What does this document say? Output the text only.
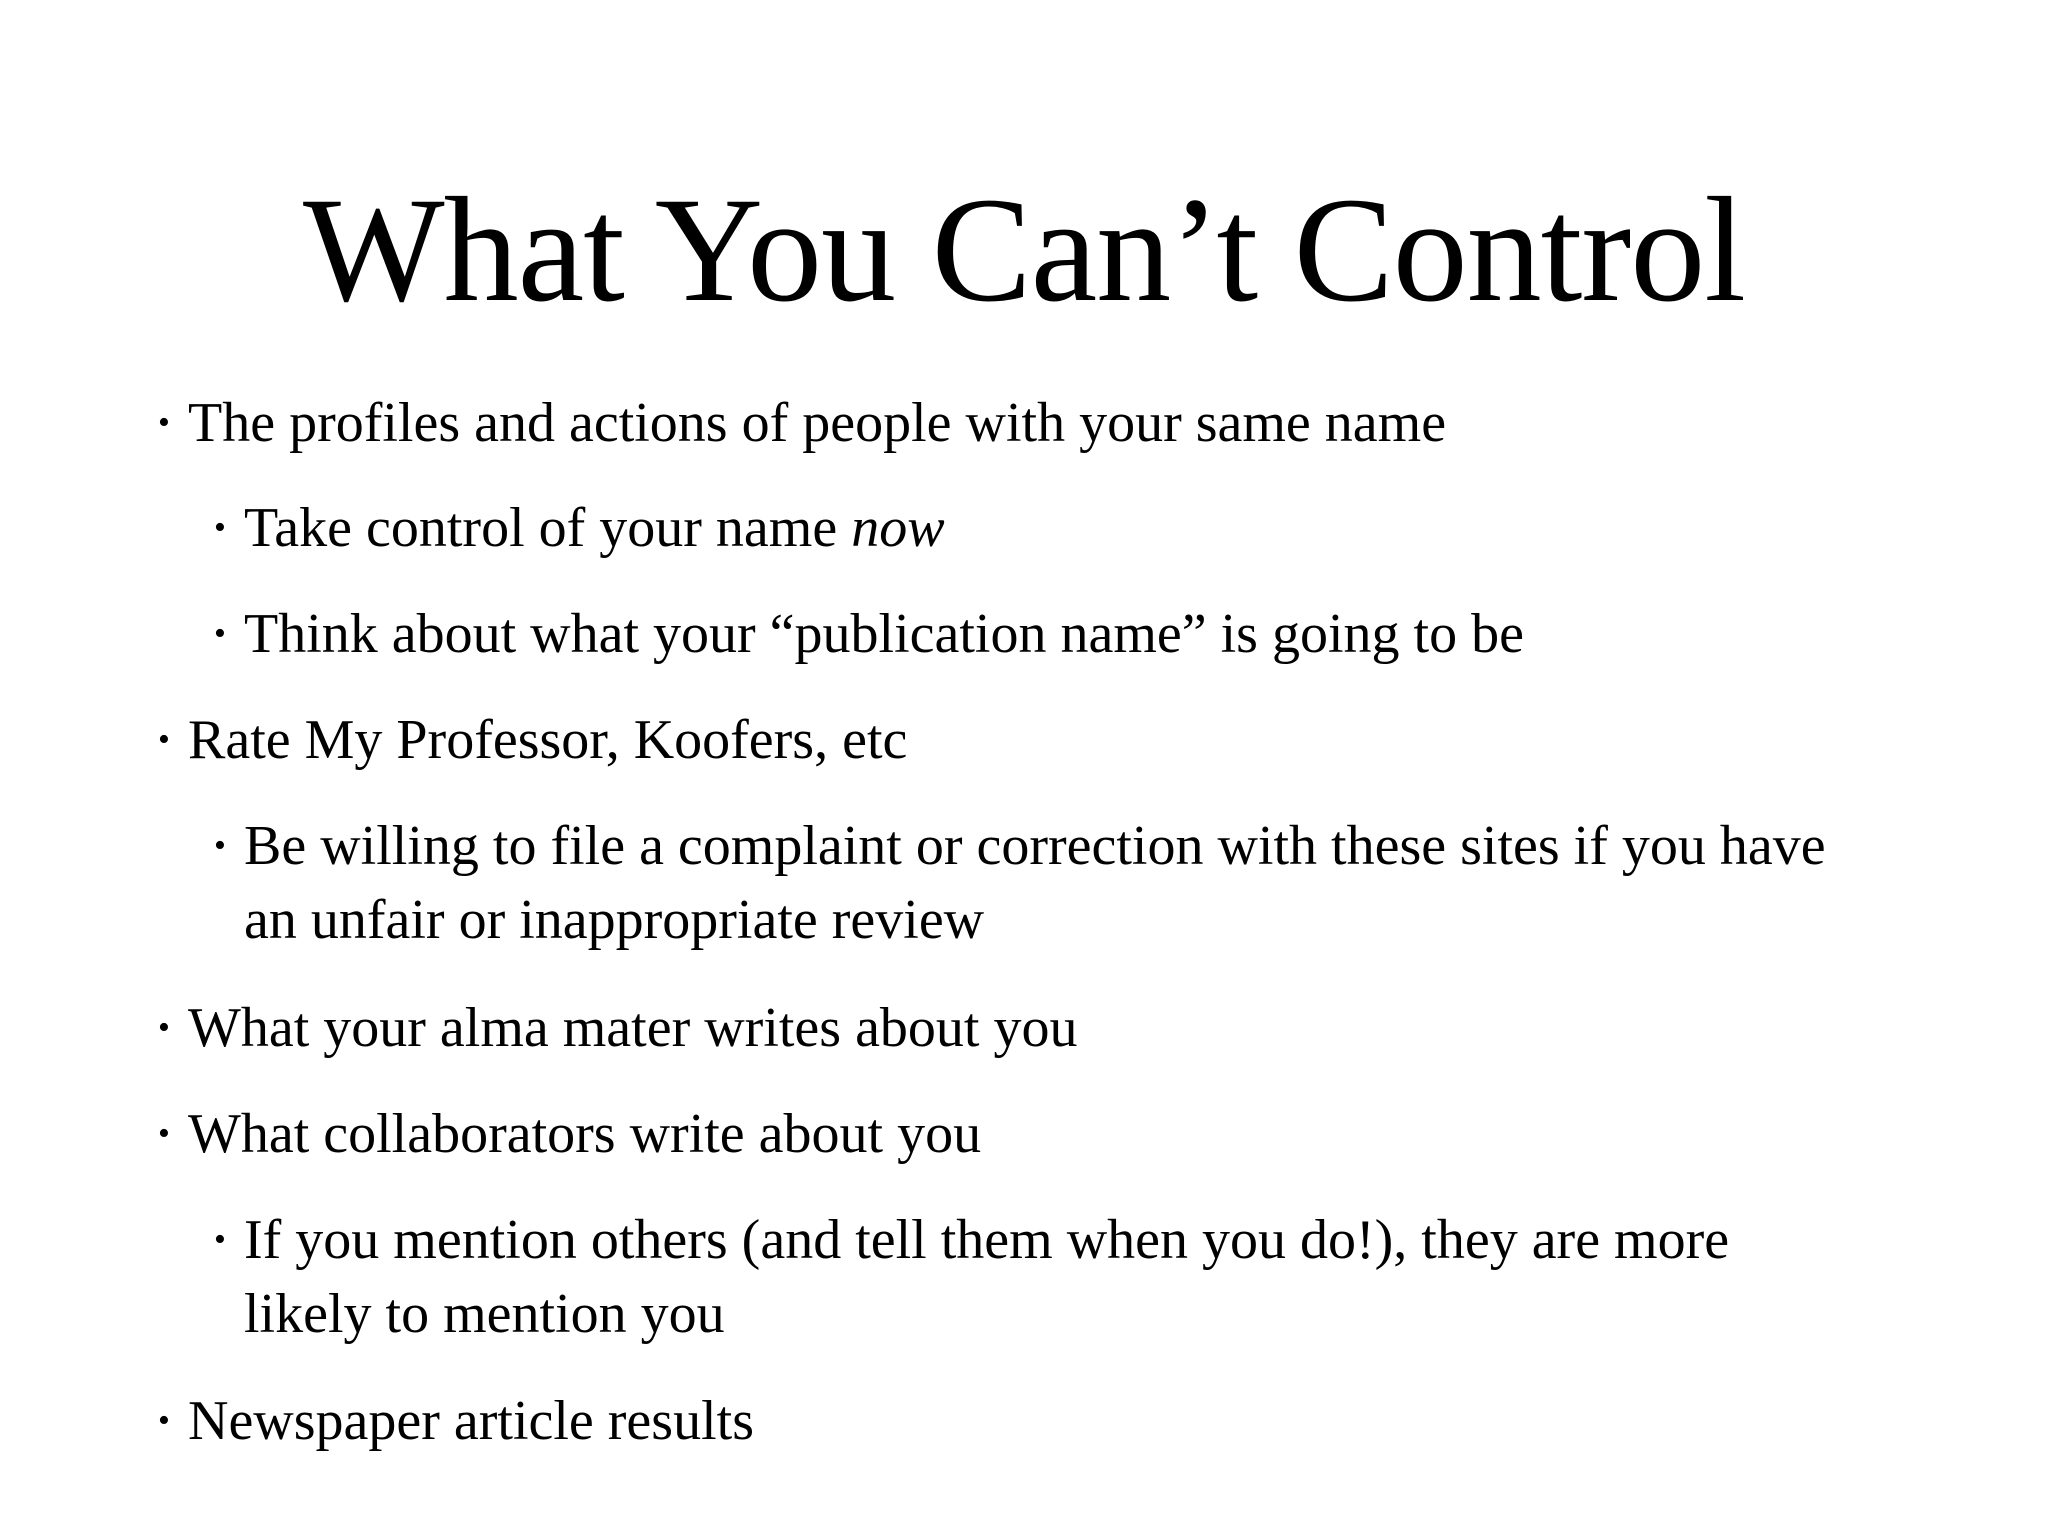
What You Can’t Control
• The profiles and actions of people with your same name
• Take control of your name now
• Think about what your “publication name” is going to be
• Rate My Professor, Koofers, etc
• Be willing to file a complaint or correction with these sites if you have
an unfair or inappropriate review
• What your alma mater writes about you
• What collaborators write about you
• If you mention others (and tell them when you do!), they are more
likely to mention you
• Newspaper article results
